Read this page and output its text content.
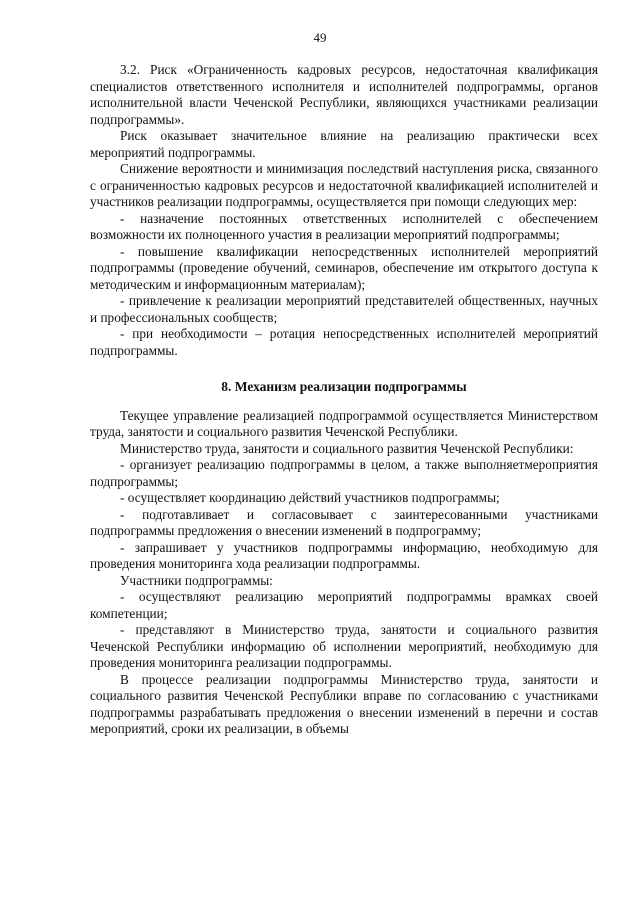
49

3.2. Риск «Ограниченность кадровых ресурсов, недостаточная квалификация специалистов ответственного исполнителя и исполнителей подпрограммы, органов исполнительной власти Чеченской Республики, являющихся участниками реализации подпрограммы».

Риск оказывает значительное влияние на реализацию практически всех мероприятий подпрограммы.

Снижение вероятности и минимизация последствий наступления риска, связанного с ограниченностью кадровых ресурсов и недостаточной квалификацией исполнителей и участников реализации подпрограммы, осуществляется при помощи следующих мер:

- назначение постоянных ответственных исполнителей с обеспечением возможности их полноценного участия в реализации мероприятий подпрограммы;

- повышение квалификации непосредственных исполнителей мероприятий подпрограммы (проведение обучений, семинаров, обеспечение им открытого доступа к методическим и информационным материалам);

- привлечение к реализации мероприятий представителей общественных, научных и профессиональных сообществ;

- при необходимости – ротация непосредственных исполнителей мероприятий подпрограммы.

8. Механизм реализации подпрограммы

Текущее управление реализацией подпрограммой осуществляется Министерством труда, занятости и социального развития Чеченской Республики.

Министерство труда, занятости и социального развития Чеченской Республики:

- организует реализацию подпрограммы в целом, а также выполняетмероприятия подпрограммы;

- осуществляет координацию действий участников подпрограммы;

- подготавливает и согласовывает с заинтересованными участниками подпрограммы предложения о внесении изменений в подпрограмму;

- запрашивает у участников подпрограммы информацию, необходимую для проведения мониторинга хода реализации подпрограммы.

Участники подпрограммы:

- осуществляют реализацию мероприятий подпрограммы врамках своей компетенции;

- представляют в Министерство труда, занятости и социального развития Чеченской Республики информацию об исполнении мероприятий, необходимую для проведения мониторинга реализации подпрограммы.

В процессе реализации подпрограммы Министерство труда, занятости и социального развития Чеченской Республики вправе по согласованию с участниками подпрограммы разрабатывать предложения о внесении изменений в перечни и состав мероприятий, сроки их реализации, в объемы
